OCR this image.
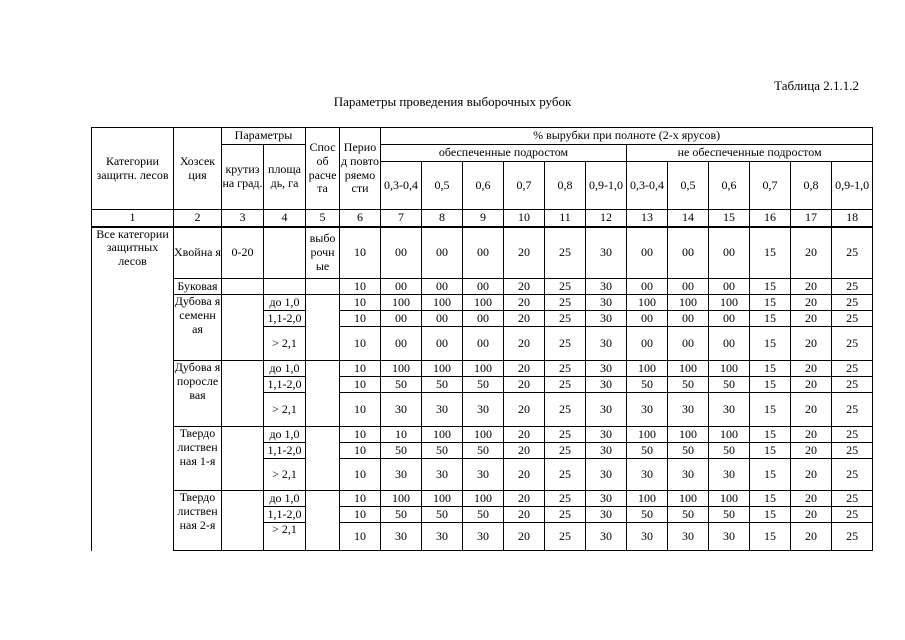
Таблица 2.1.1.2
Параметры проведения выборочных рубок
Категории защитн. лесов	Хозсек ция	Параметры		Спос об расче та	Перио д повто ряемо сти	% вырубки при полноте (2-х ярусов)											
		крутиз на град.	площа дь, га			обеспеченные подростом						не обеспеченные подростом					
						0,3-0,4	0,5	0,6	0,7	0,8	0,9-1,0	0,3-0,4	0,5	0,6	0,7	0,8	0,9-1,0
1	2	3	4	5	6	7	8	9	10	11	12	13	14	15	16	17	18
Все категории защитных лесов	Хвойна я	0-20		выбо рочн ые	10	00	00	00	20	25	30	00	00	00	15	20	25
	Буковая				10	00	00	00	20	25	30	00	00	00	15	20	25
	Дубова я семенн ая		до 1,0		10	100	100	100	20	25	30	100	100	100	15	20	25
			1,1-2,0		10	00	00	00	20	25	30	00	00	00	15	20	25
			> 2,1		10	00	00	00	20	25	30	00	00	00	15	20	25
	Дубова я поросле вая		до 1,0		10	100	100	100	20	25	30	100	100	100	15	20	25
			1,1-2,0		10	50	50	50	20	25	30	50	50	50	15	20	25
			> 2,1		10	30	30	30	20	25	30	30	30	30	15	20	25
	Твердо листвен ная 1-я		до 1,0		10	10	100	100	20	25	30	100	100	100	15	20	25
			1,1-2,0		10	50	50	50	20	25	30	50	50	50	15	20	25
			> 2,1		10	30	30	30	20	25	30	30	30	30	15	20	25
	Твердо листвен ная 2-я		до 1,0		10	100	100	100	20	25	30	100	100	100	15	20	25
			1,1-2,0		10	50	50	50	20	25	30	50	50	50	15	20	25
			> 2,1		10	30	30	30	20	25	30	30	30	30	15	20	25
